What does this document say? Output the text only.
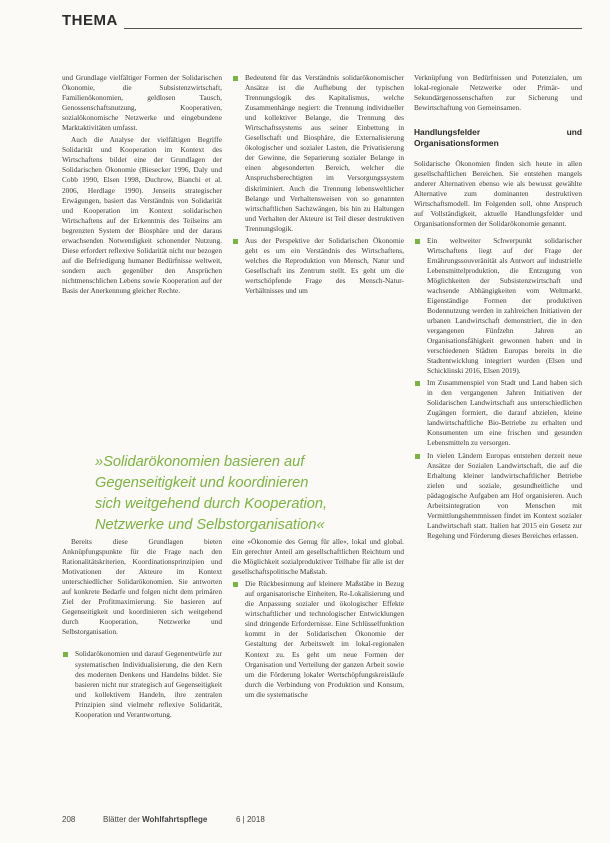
THEMA

und Grundlage vielfältiger Formen der Solidarischen Ökonomie, die Subsistenzwirtschaft, Familienökonomien, geldlosen Tausch, Genossenschaftsnutzung, Kooperativen, sozialökonomische Netzwerke und eingebundene Marktaktivitäten umfasst.

Auch die Analyse der vielfältigen Begriffe Solidarität und Kooperation im Kontext des Wirtschaftens bildet eine der Grundlagen der Solidarischen Ökonomie (Biesecker 1996, Daly und Cobb 1990, Elsen 1998, Duchrow, Bianchi et al. 2006, Herdlage 1990). Jenseits strategischer Erwägungen, basiert das Verständnis von Solidarität und Kooperation im Kontext solidarischen Wirtschaftens auf der Erkenntnis des Teilseins am begrenzten System der Biosphäre und der daraus erwachsenden Notwendigkeit schonender Nutzung. Diese erfordert reflexive Solidarität nicht nur bezogen auf die Befriedigung humaner Bedürfnisse weltweit, sondern auch gegenüber den Ansprüchen nichtmenschlichen Lebens sowie Kooperation auf der Basis der Anerkennung gleicher Rechte.

Bedeutend für das Verständnis solidarökonomischer Ansätze ist die Aufhebung der typischen Trennungslogik des Kapitalismus, welche Zusammenhänge negiert: die Trennung individueller und kollektiver Belange, die Trennung des Wirtschaftssystems aus seiner Einbettung in Gesellschaft und Biosphäre, die Externalisierung ökologischer und sozialer Lasten, die Privatisierung der Gewinne, die Separierung sozialer Belange in einen abgesonderten Bereich, welcher die Anspruchsberechtigten im Versorgungssystem diskriminiert. Auch die Trennung lebensweltlicher Belange und Verhaltensweisen von so genannten wirtschaftlichen Sachzwängen, bis hin zu Haltungen und Verhalten der Akteure ist Teil dieser destruktiven Trennungslogik.

Aus der Perspektive der Solidarischen Ökonomie geht es um ein Verständnis des Wirtschaftens, welches die Reproduktion von Mensch, Natur und Gesellschaft ins Zentrum stellt. Es geht um die wertschöpfende Frage des Mensch-Natur-Verhältnisses und um

Verknüpfung von Bedürfnissen und Potenzialen, um lokal-regionale Netzwerke oder Primär- und Sekundärgenossenschaften zur Sicherung und Bewirtschaftung von Gemeinsamen.

Handlungsfelder und Organisationsformen

Solidarische Ökonomien finden sich heute in allen gesellschaftlichen Bereichen. Sie entstehen mangels anderer Alternativen ebenso wie als bewusst gewählte Alternative zum dominanten destruktiven Wirtschaftsmodell. Im Folgenden soll, ohne Anspruch auf Vollständigkeit, aktuelle Handlungsfelder und Organisationsformen der Solidarökonomie genannt.

Ein weltweiter Schwerpunkt solidarischer Wirtschaftens liegt auf der Frage der Ernährungssouveränität als Antwort auf industrielle Lebensmittelproduktion, die Entzugung von Möglichkeiten der Subsistenzwirtschaft und wachsende Abhängigkeiten vom Weltmarkt. Eigenständige Formen der produktiven Bodennutzung werden in zahlreichen Initiativen der urbanen Landwirtschaft demonstriert, die in den vergangenen Fünfzehn Jahren an Organisationsfähigkeit gewonnen haben und in verschiedenen Städten Europas bereits in die Stadtentwicklung integriert wurden (Elsen und Schicklinski 2016, Elsen 2019).

Im Zusammenspiel von Stadt und Land haben sich in den vergangenen Jahren Initiativen der Solidarischen Landwirtschaft aus unterschiedlichen Zugängen formiert, die darauf abzielen, kleine landwirtschaftliche Bio-Betriebe zu erhalten und Konsumenten um eine frischen und gesunden Lebensmitteln zu versorgen.

In vielen Ländern Europas entstehen derzeit neue Ansätze der Sozialen Landwirtschaft, die auf die Erhaltung kleiner landwirtschaftlicher Betriebe zielen und soziale, gesundheitliche und pädagogische Aufgaben am Hof organisieren. Auch Arbeitsintegration von Menschen mit Vermittlungshemmnissen findet im Kontext sozialer Landwirtschaft statt. Italien hat 2015 ein Gesetz zur Regelung und Förderung dieses Bereiches erlassen.

»Solidarökonomien basieren auf
Gegenseitigkeit und koordinieren
sich weitgehend durch Kooperation,
Netzwerke und Selbstorganisation«

Bereits diese Grundlagen bieten Anknüpfungspunkte für die Frage nach den Rationalitätskriterien, Koordinationsprinzipien und Motivationen der Akteure im Kontext unterschiedlicher Solidarökonomien. Sie antworten auf konkrete Bedarfe und folgen nicht dem primären Ziel der Profitmaximierung. Sie basieren auf Gegenseitigkeit und koordinieren sich weitgehend durch Kooperation, Netzwerke und Selbstorganisation.

Solidarökonomien und darauf Gegenentwürfe zur systematischen Individualisierung, die den Kern des modernen Denkens und Handelns bildet. Sie basieren nicht nur strategisch auf Gegenseitigkeit und kollektivem Handeln, ihre zentralen Prinzipien sind vielmehr reflexive Solidarität, Kooperation und Verantwortung.

eine »Ökonomie des Genug für alle«, lokal und global. Ein gerechter Anteil am gesellschaftlichen Reichtum und die Möglichkeit sozialproduktiver Teilhabe für alle ist der gesellschaftspolitische Maßstab.

Die Rückbesinnung auf kleinere Maßstäbe in Bezug auf organisatorische Einheiten, Re-Lokalisierung und die Anpassung sozialer und ökologischer Effekte wirtschaftlicher und technologischer Entwicklungen sind dringende Erfordernisse. Eine Schlüsselfunktion kommt in der Solidarischen Ökonomie der Gestaltung der Arbeitswelt im lokal-regionalen Kontext zu. Es geht um neue Formen der Organisation und Verteilung der ganzen Arbeit sowie um die Förderung lokaler Wertschöpfungskreisläufe durch die Verbindung von Produktion und Konsum, um die systematische

208	Blätter der Wohlfahrtspflege	6 | 2018
